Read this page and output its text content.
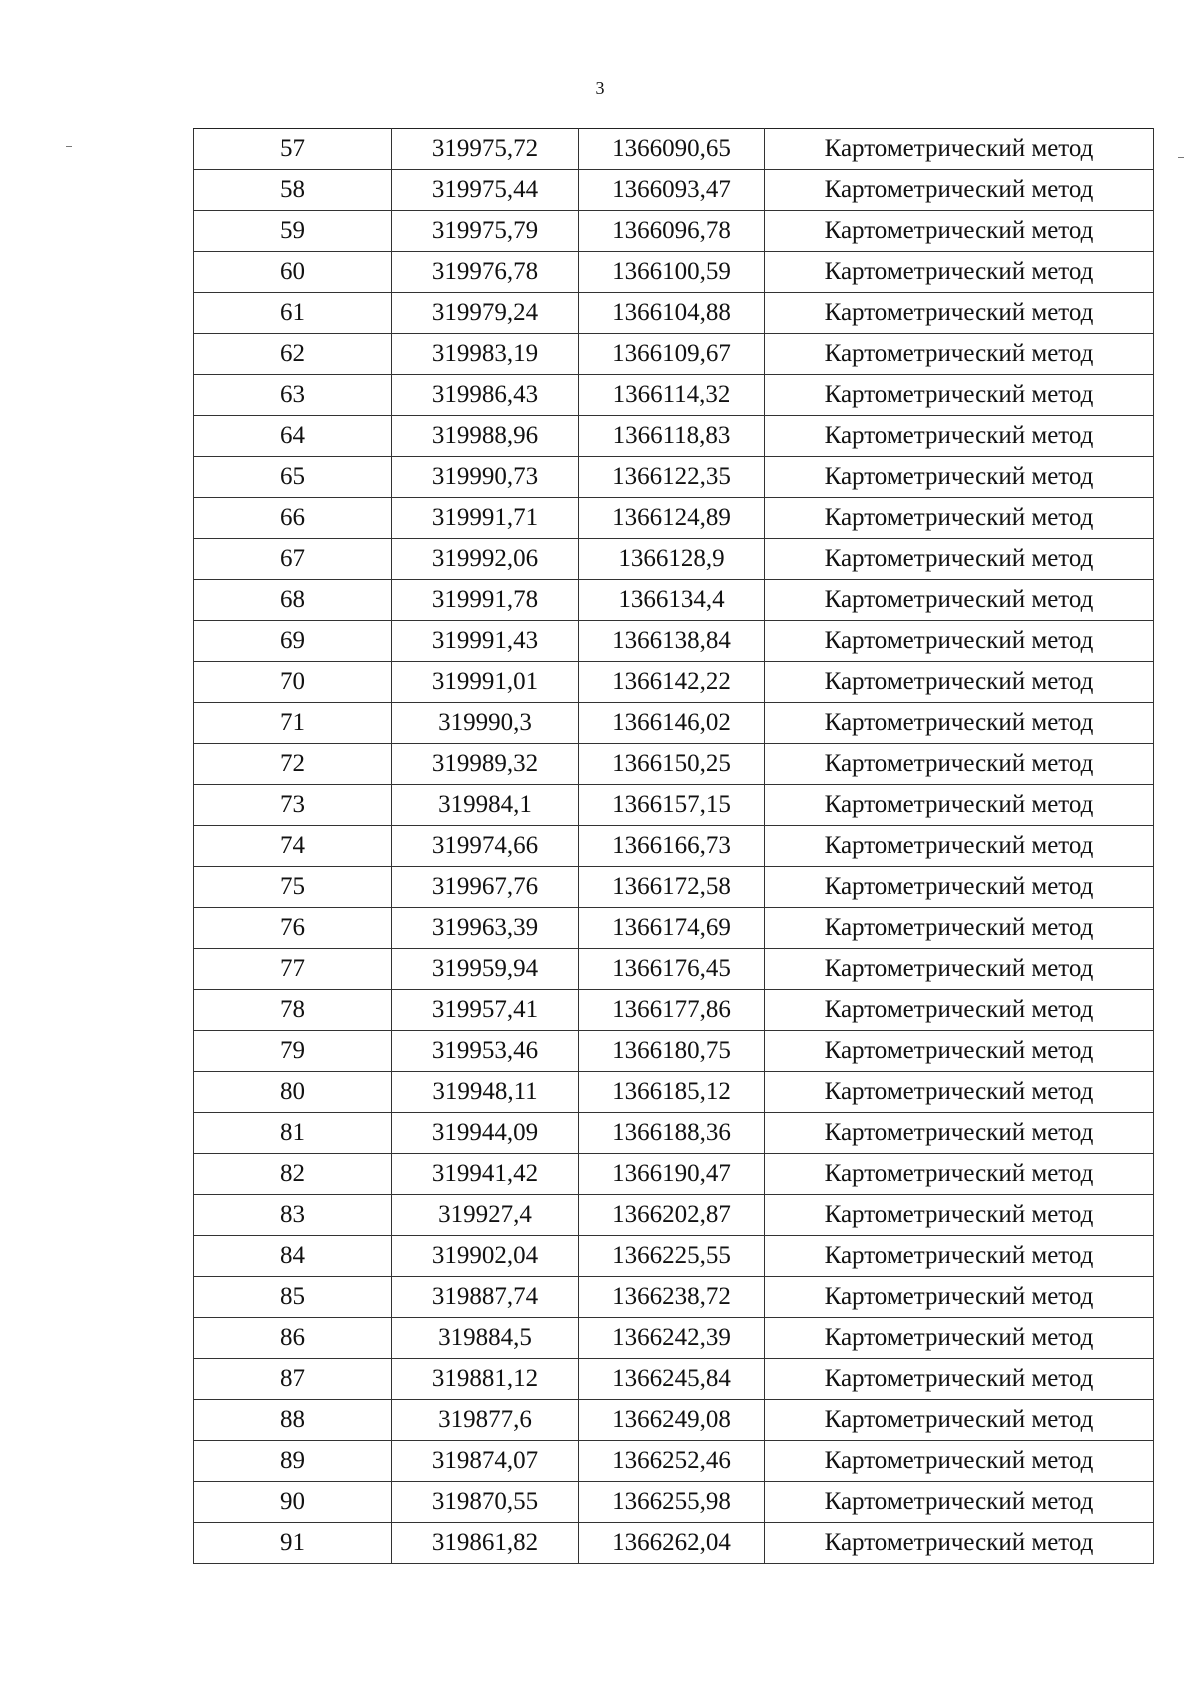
3
57	319975,72	1366090,65	Картометрический метод
58	319975,44	1366093,47	Картометрический метод
59	319975,79	1366096,78	Картометрический метод
60	319976,78	1366100,59	Картометрический метод
61	319979,24	1366104,88	Картометрический метод
62	319983,19	1366109,67	Картометрический метод
63	319986,43	1366114,32	Картометрический метод
64	319988,96	1366118,83	Картометрический метод
65	319990,73	1366122,35	Картометрический метод
66	319991,71	1366124,89	Картометрический метод
67	319992,06	1366128,9	Картометрический метод
68	319991,78	1366134,4	Картометрический метод
69	319991,43	1366138,84	Картометрический метод
70	319991,01	1366142,22	Картометрический метод
71	319990,3	1366146,02	Картометрический метод
72	319989,32	1366150,25	Картометрический метод
73	319984,1	1366157,15	Картометрический метод
74	319974,66	1366166,73	Картометрический метод
75	319967,76	1366172,58	Картометрический метод
76	319963,39	1366174,69	Картометрический метод
77	319959,94	1366176,45	Картометрический метод
78	319957,41	1366177,86	Картометрический метод
79	319953,46	1366180,75	Картометрический метод
80	319948,11	1366185,12	Картометрический метод
81	319944,09	1366188,36	Картометрический метод
82	319941,42	1366190,47	Картометрический метод
83	319927,4	1366202,87	Картометрический метод
84	319902,04	1366225,55	Картометрический метод
85	319887,74	1366238,72	Картометрический метод
86	319884,5	1366242,39	Картометрический метод
87	319881,12	1366245,84	Картометрический метод
88	319877,6	1366249,08	Картометрический метод
89	319874,07	1366252,46	Картометрический метод
90	319870,55	1366255,98	Картометрический метод
91	319861,82	1366262,04	Картометрический метод
